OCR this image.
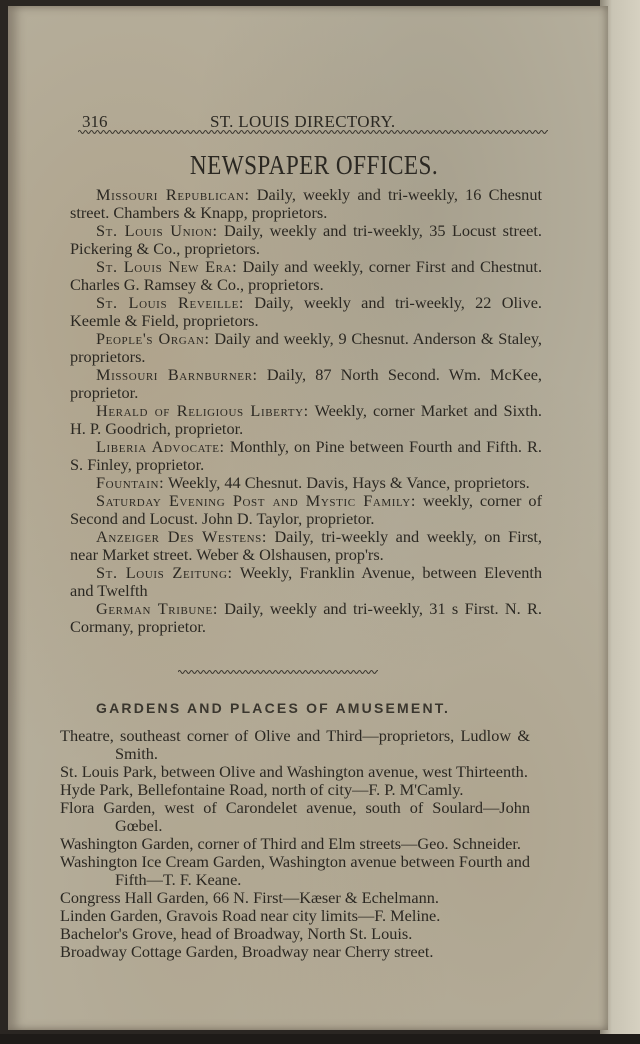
316	ST. LOUIS DIRECTORY.
NEWSPAPER OFFICES.

Missouri Republican: Daily, weekly and tri-weekly, 16 Chesnut street. Chambers & Knapp, proprietors.

St. Louis Union: Daily, weekly and tri-weekly, 35 Locust street. Pickering & Co., proprietors.

St. Louis New Era: Daily and weekly, corner First and Chestnut. Charles G. Ramsey & Co., proprietors.

St. Louis Reveille: Daily, weekly and tri-weekly, 22 Olive. Keemle & Field, proprietors.

People's Organ: Daily and weekly, 9 Chesnut. Anderson & Staley, proprietors.

Missouri Barnburner: Daily, 87 North Second. Wm. McKee, proprietor.

Herald of Religious Liberty: Weekly, corner Market and Sixth. H. P. Goodrich, proprietor.

Liberia Advocate: Monthly, on Pine between Fourth and Fifth. R. S. Finley, proprietor.

Fountain: Weekly, 44 Chesnut. Davis, Hays & Vance, proprietors.

Saturday Evening Post and Mystic Family: weekly, corner of Second and Locust. John D. Taylor, proprietor.

Anzeiger Des Westens: Daily, tri-weekly and weekly, on First, near Market street. Weber & Olshausen, prop'rs.

St. Louis Zeitung: Weekly, Franklin Avenue, between Eleventh and Twelfth

German Tribune: Daily, weekly and tri-weekly, 31 s First. N. R. Cormany, proprietor.

GARDENS AND PLACES OF AMUSEMENT.

Theatre, southeast corner of Olive and Third—proprietors, Ludlow & Smith.

St. Louis Park, between Olive and Washington avenue, west Thirteenth.

Hyde Park, Bellefontaine Road, north of city—F. P. M'Camly.

Flora Garden, west of Carondelet avenue, south of Soulard—John Gœbel.

Washington Garden, corner of Third and Elm streets—Geo. Schneider.

Washington Ice Cream Garden, Washington avenue between Fourth and Fifth—T. F. Keane.

Congress Hall Garden, 66 N. First—Kæser & Echelmann.

Linden Garden, Gravois Road near city limits—F. Meline.

Bachelor's Grove, head of Broadway, North St. Louis.

Broadway Cottage Garden, Broadway near Cherry street.
